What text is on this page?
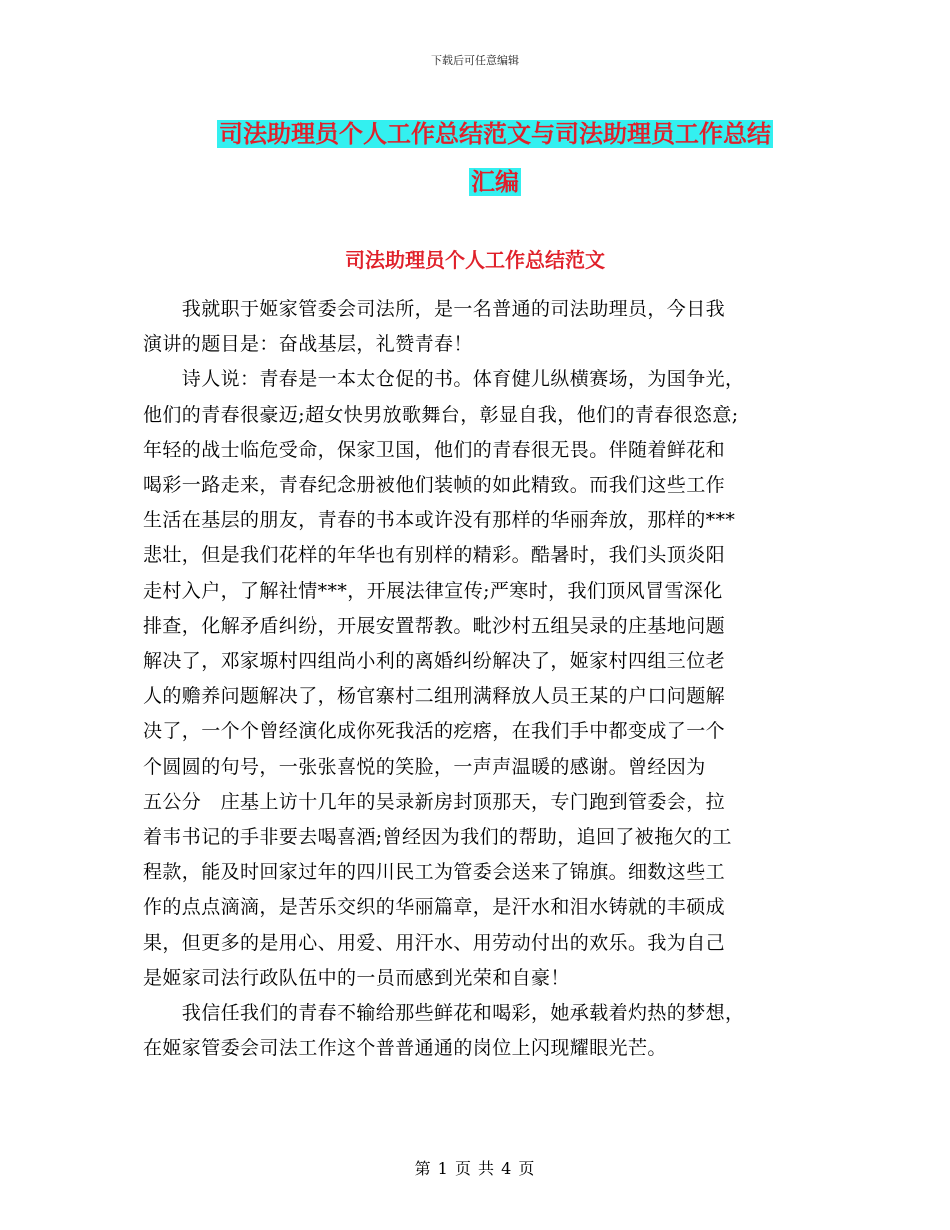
下载后可任意编辑
司法助理员个人工作总结范文与司法助理员工作总结
汇编
司法助理员个人工作总结范文

　　我就职于姬家管委会司法所，是一名普通的司法助理员，今日我
演讲的题目是：奋战基层，礼赞青春！

　　诗人说：青春是一本太仓促的书。体育健儿纵横赛场，为国争光，
他们的青春很豪迈;超女快男放歌舞台，彰显自我，他们的青春很恣意;
年轻的战士临危受命，保家卫国，他们的青春很无畏。伴随着鲜花和
喝彩一路走来，青春纪念册被他们装帧的如此精致。而我们这些工作
生活在基层的朋友，青春的书本或许没有那样的华丽奔放，那样的***
悲壮，但是我们花样的年华也有别样的精彩。酷暑时，我们头顶炎阳
走村入户，了解社情***，开展法律宣传;严寒时，我们顶风冒雪深化
排查，化解矛盾纠纷，开展安置帮教。毗沙村五组吴录的庄基地问题
解决了，邓家塬村四组尚小利的离婚纠纷解决了，姬家村四组三位老
人的赡养问题解决了，杨官寨村二组刑满释放人员王某的户口问题解
决了，一个个曾经演化成你死我活的疙瘩，在我们手中都变成了一个
个圆圆的句号，一张张喜悦的笑脸，一声声温暖的感谢。曾经因为
五公分　庄基上访十几年的吴录新房封顶那天，专门跑到管委会，拉
着韦书记的手非要去喝喜酒;曾经因为我们的帮助，追回了被拖欠的工
程款，能及时回家过年的四川民工为管委会送来了锦旗。细数这些工
作的点点滴滴，是苦乐交织的华丽篇章，是汗水和泪水铸就的丰硕成
果，但更多的是用心、用爱、用汗水、用劳动付出的欢乐。我为自己
是姬家司法行政队伍中的一员而感到光荣和自豪！

　　我信任我们的青春不输给那些鲜花和喝彩，她承载着灼热的梦想，
在姬家管委会司法工作这个普普通通的岗位上闪现耀眼光芒。

第 1 页 共 4 页
